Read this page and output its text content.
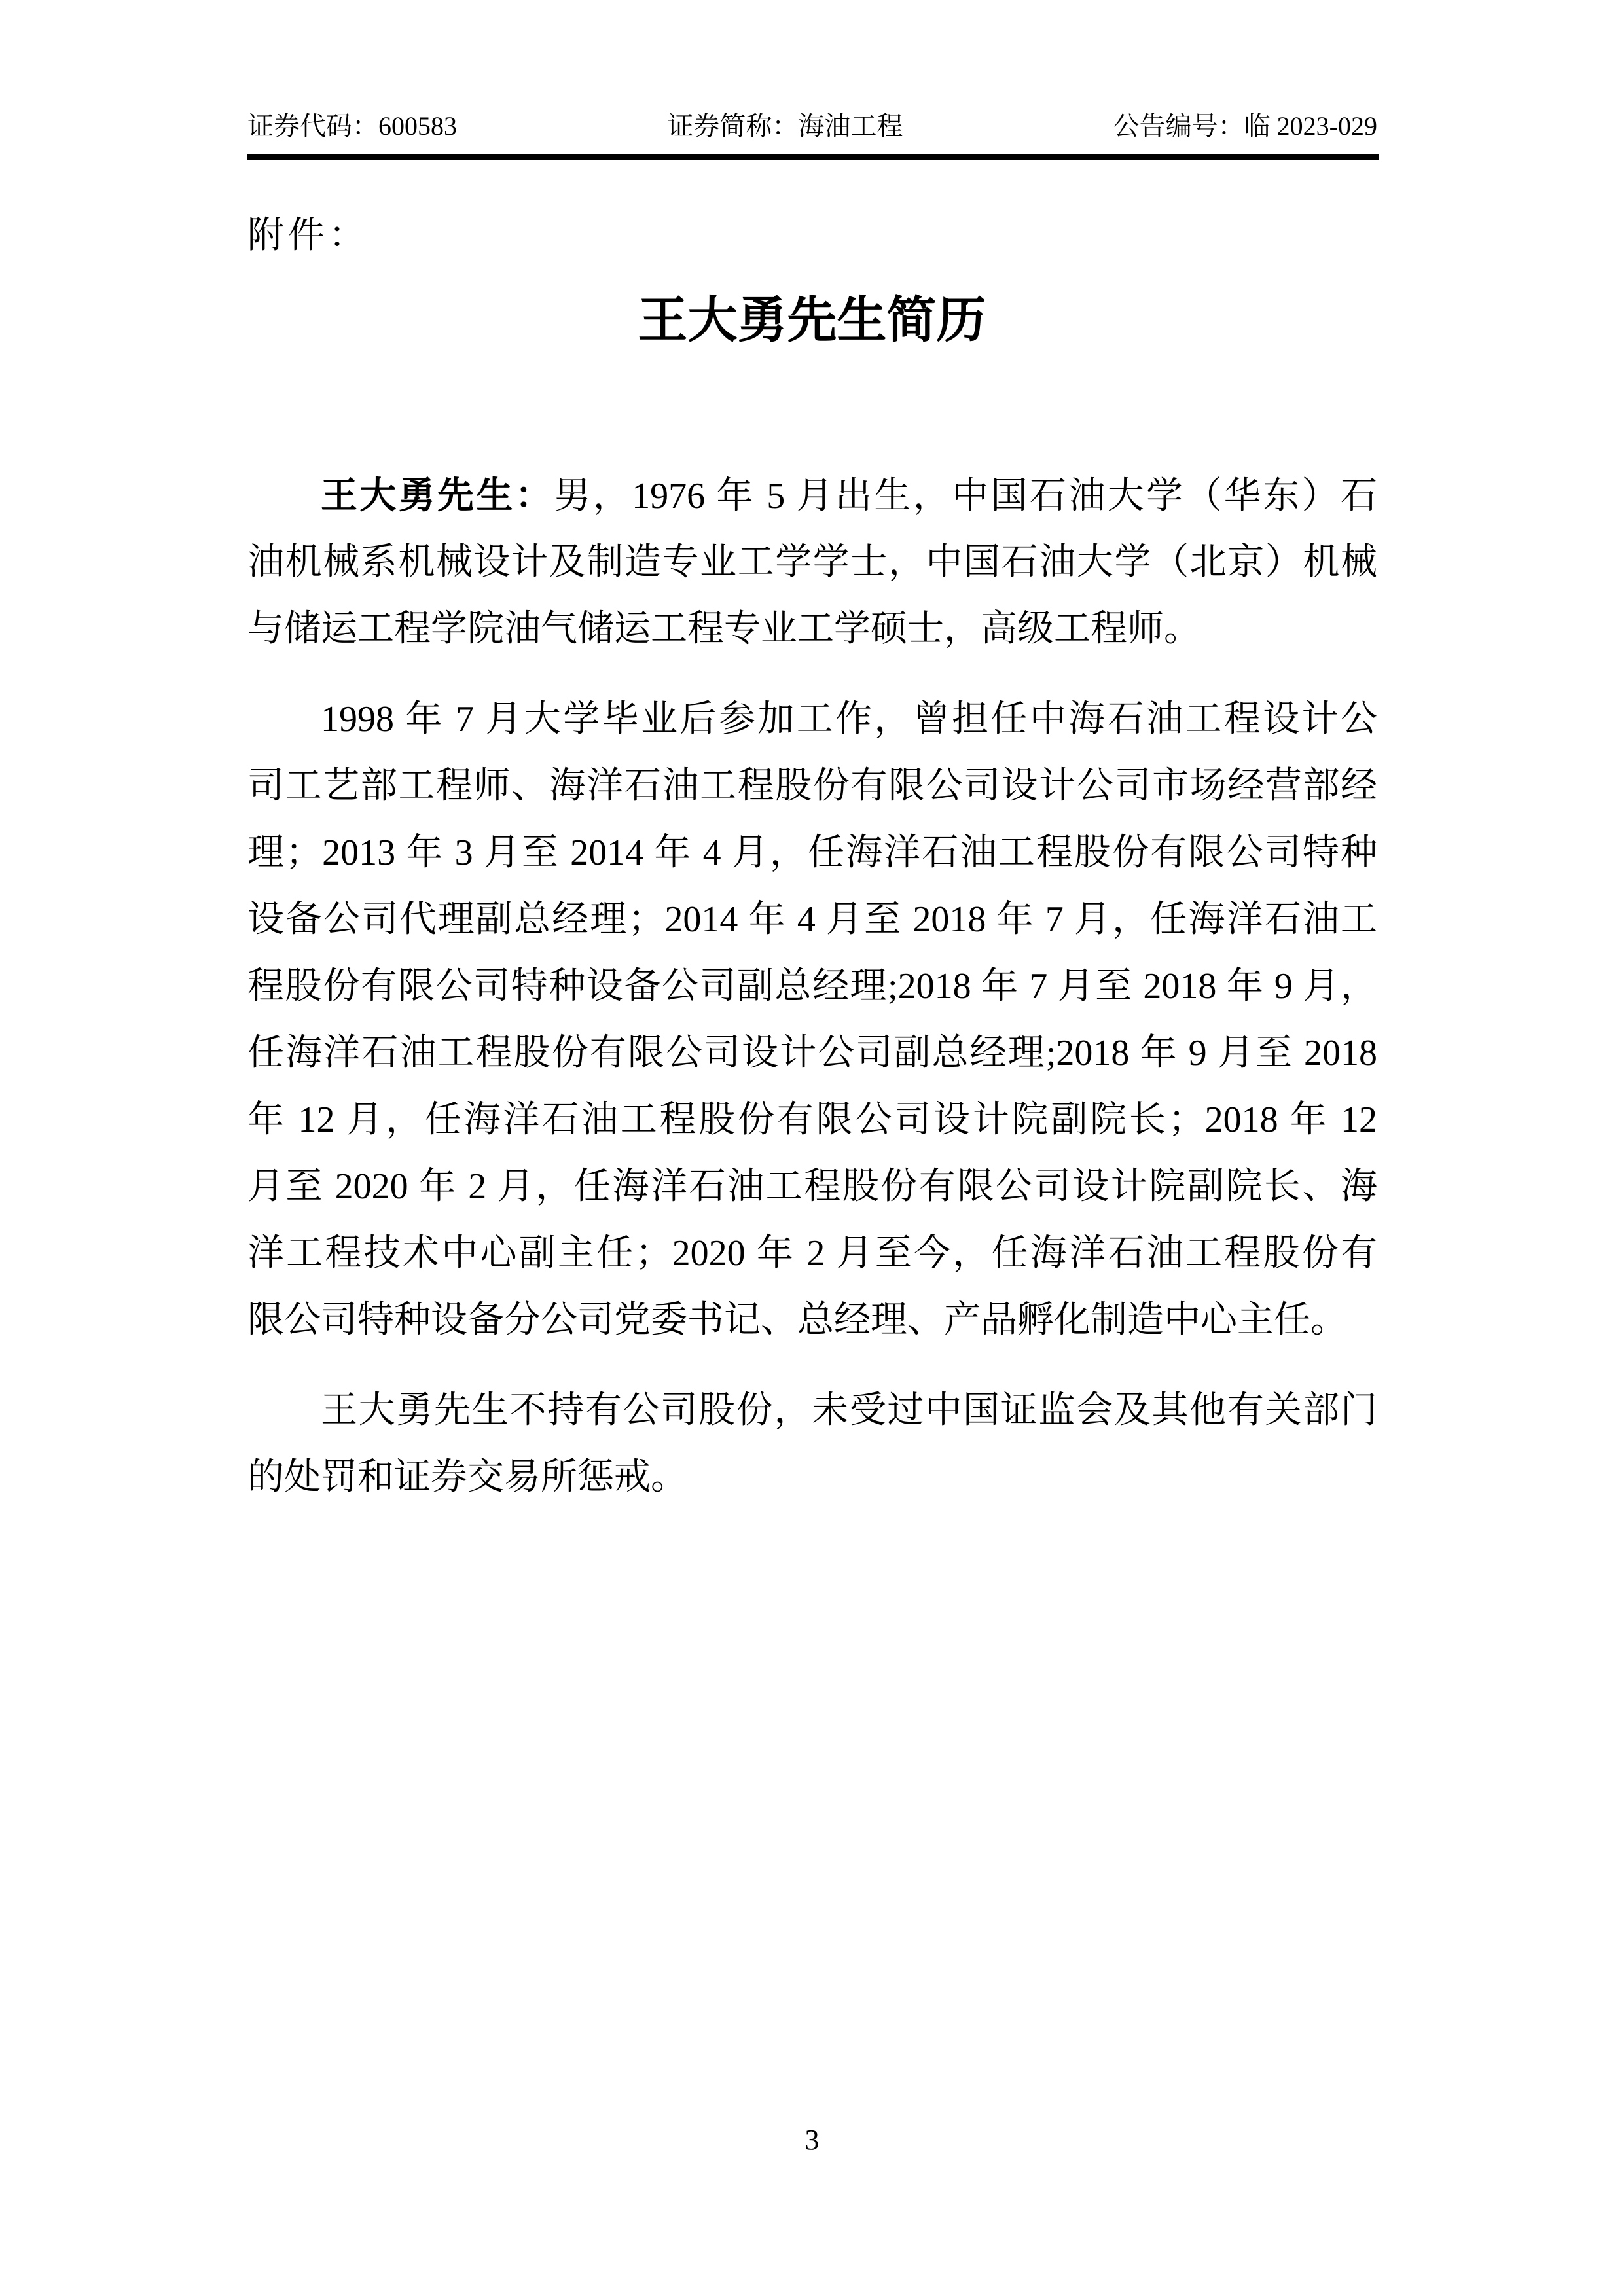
证券代码：600583	证券简称：海油工程	公告编号：临 2023-029
附件：
王大勇先生简历
王大勇先生：男，1976 年 5 月出生，中国石油大学（华东）石
油机械系机械设计及制造专业工学学士，中国石油大学（北京）机械
与储运工程学院油气储运工程专业工学硕士，高级工程师。
1998 年 7 月大学毕业后参加工作，曾担任中海石油工程设计公
司工艺部工程师、海洋石油工程股份有限公司设计公司市场经营部经
理；2013 年 3 月至 2014 年 4 月，任海洋石油工程股份有限公司特种
设备公司代理副总经理；2014 年 4 月至 2018 年 7 月，任海洋石油工
程股份有限公司特种设备公司副总经理;2018 年 7 月至 2018 年 9 月，
任海洋石油工程股份有限公司设计公司副总经理;2018 年 9 月至 2018
年 12 月，任海洋石油工程股份有限公司设计院副院长；2018 年 12
月至 2020 年 2 月，任海洋石油工程股份有限公司设计院副院长、海
洋工程技术中心副主任；2020 年 2 月至今，任海洋石油工程股份有
限公司特种设备分公司党委书记、总经理、产品孵化制造中心主任。
王大勇先生不持有公司股份，未受过中国证监会及其他有关部门
的处罚和证券交易所惩戒。
3
